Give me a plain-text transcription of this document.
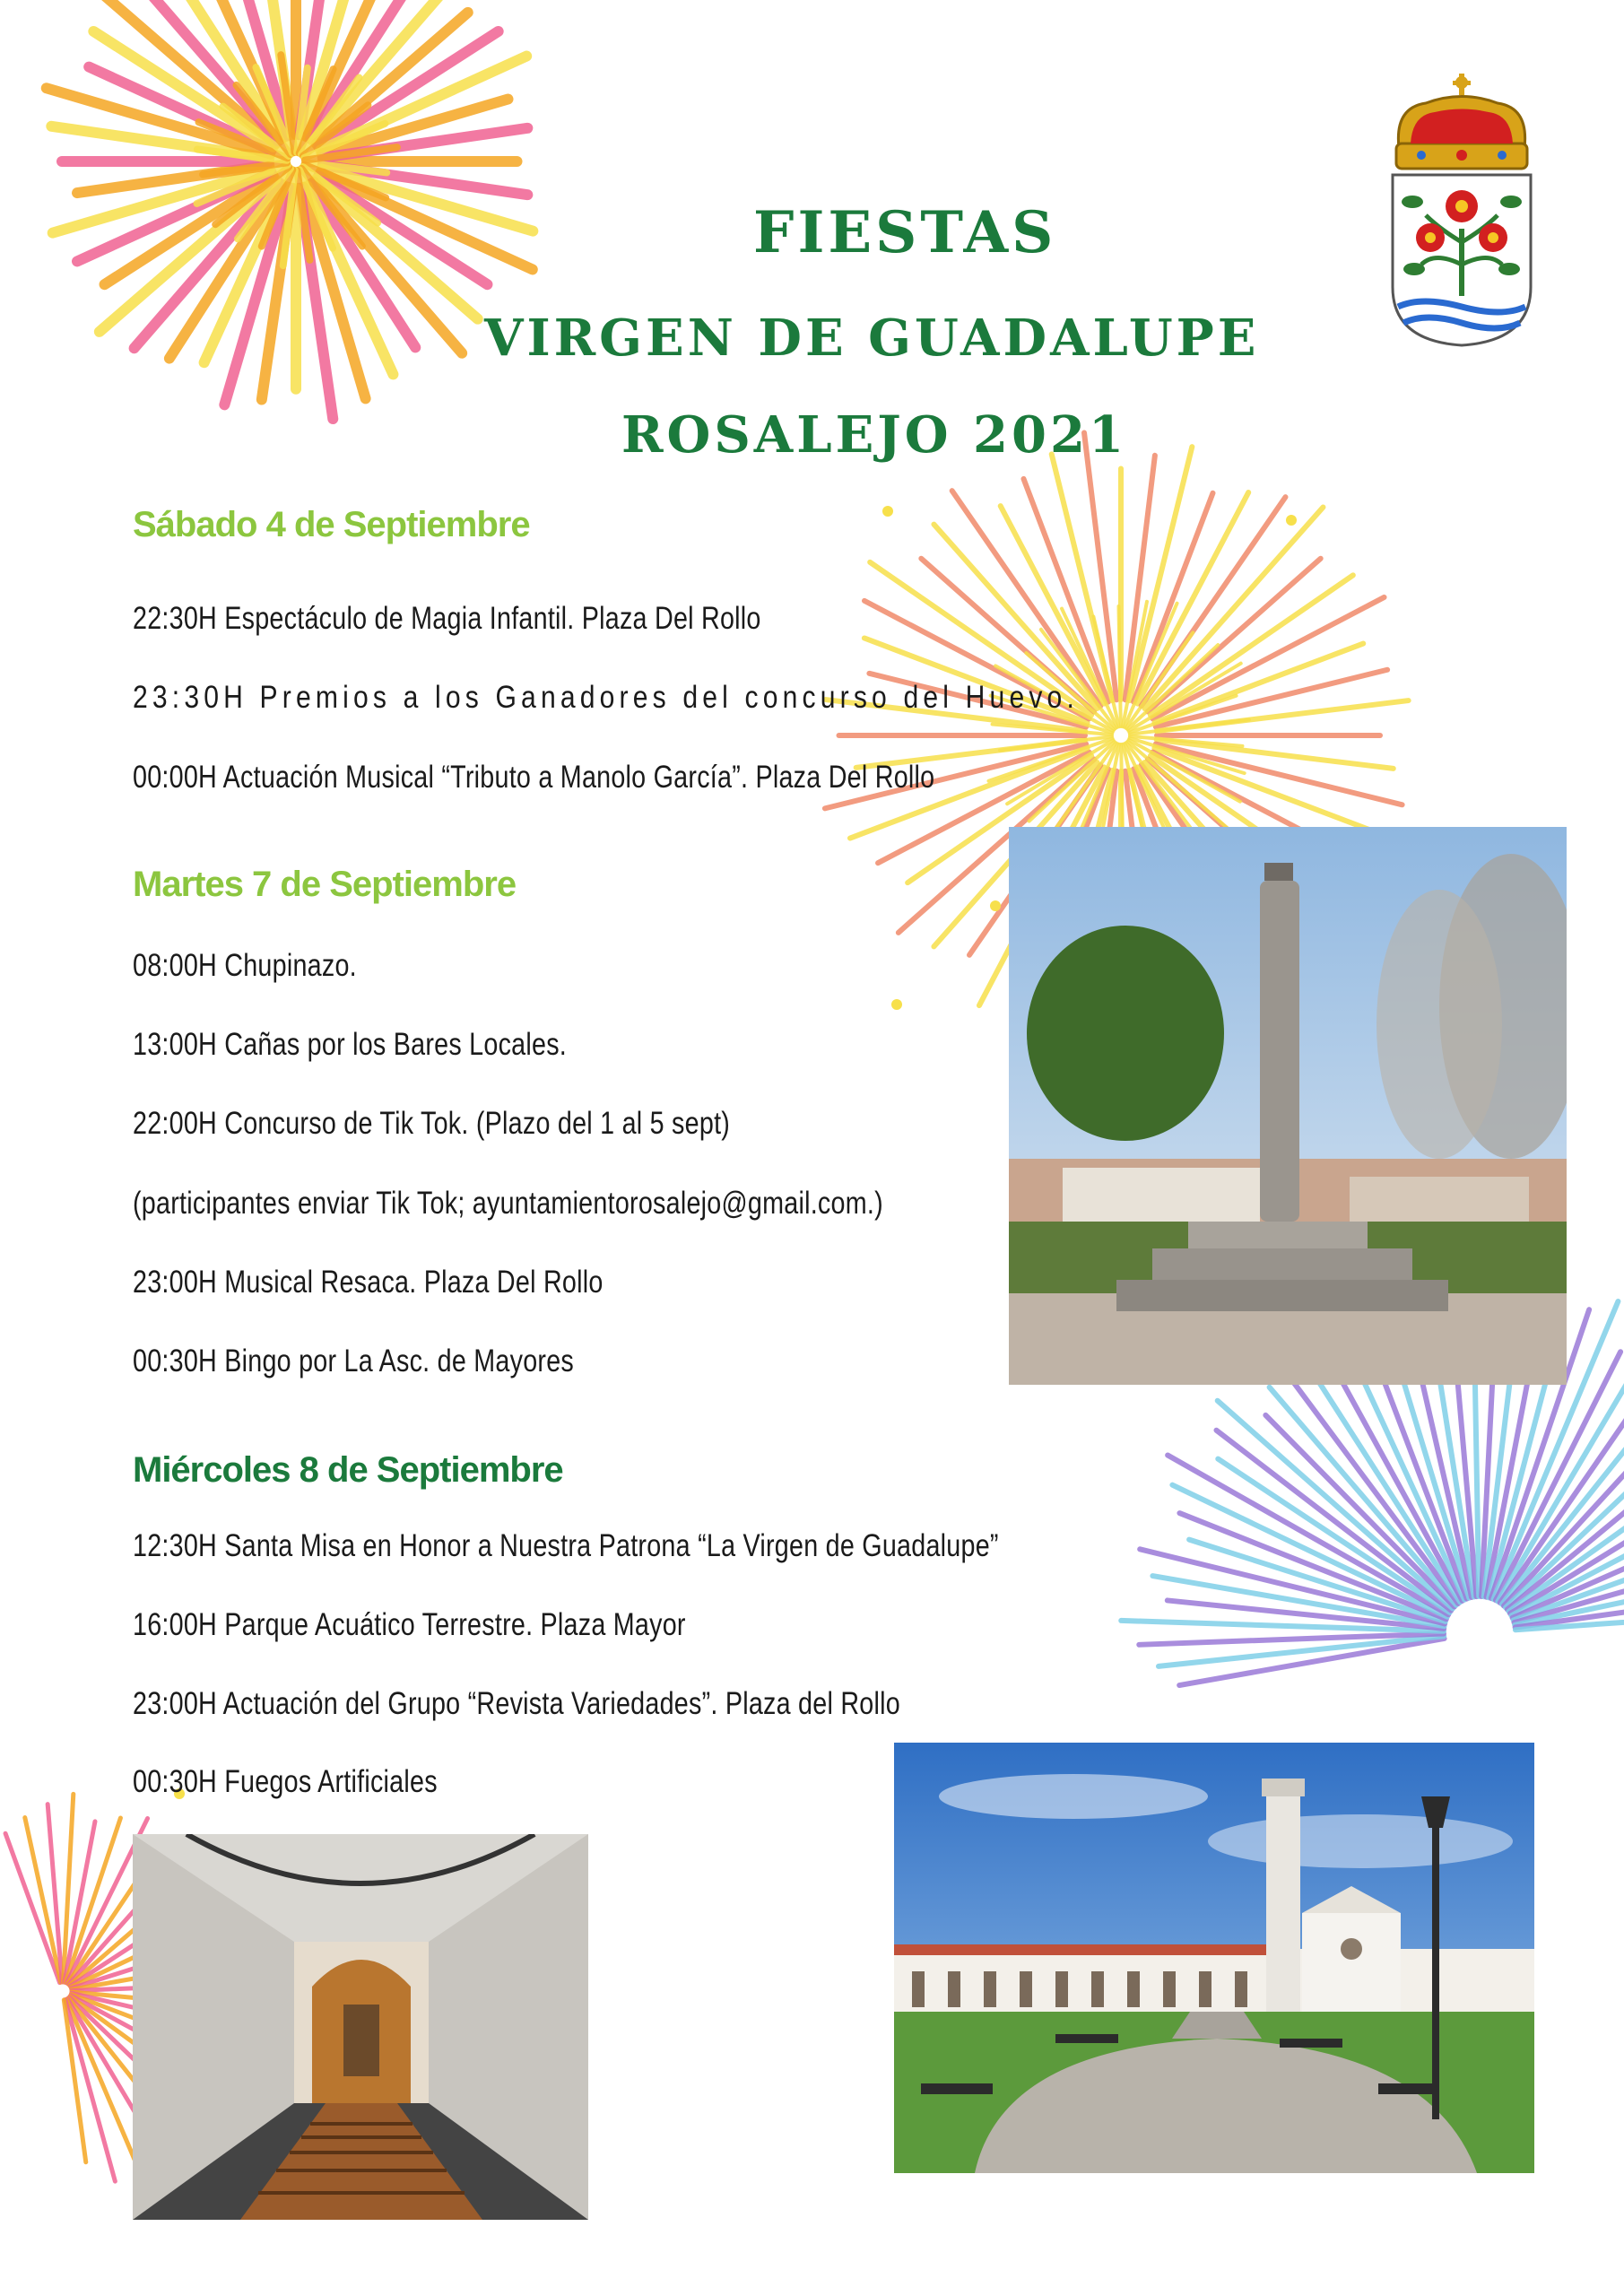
FIESTAS
VIRGEN DE GUADALUPE
ROSALEJO 2021
Sábado 4 de Septiembre
22:30H Espectáculo de Magia Infantil. Plaza Del Rollo
23:30H Premios a los Ganadores del concurso del Huevo.
00:00H Actuación Musical “Tributo a Manolo García”. Plaza Del Rollo
Martes 7 de Septiembre
08:00H Chupinazo.
13:00H Cañas por los Bares Locales.
22:00H Concurso de Tik Tok. (Plazo del 1 al 5 sept)
(participantes enviar Tik Tok; ayuntamientorosalejo@gmail.com.)
23:00H Musical Resaca. Plaza Del Rollo
00:30H Bingo por La Asc. de Mayores
Miércoles 8 de Septiembre
12:30H Santa Misa en Honor a Nuestra Patrona “La Virgen de Guadalupe”
16:00H Parque Acuático Terrestre. Plaza Mayor
23:00H Actuación del Grupo “Revista Variedades”. Plaza del Rollo
00:30H Fuegos Artificiales
